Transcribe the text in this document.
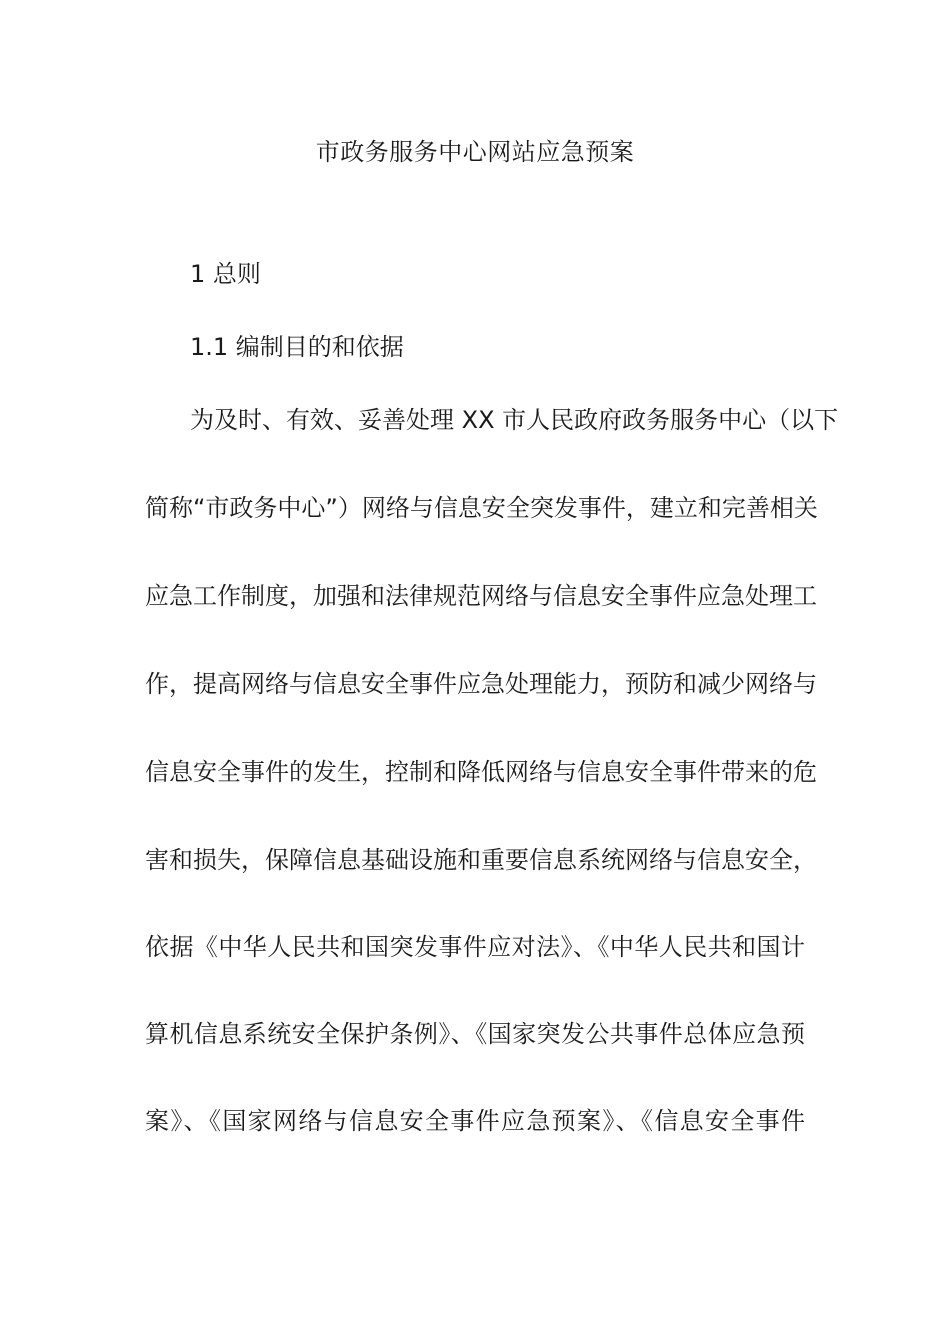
市政务服务中心网站应急预案
1 总则
1.1 编制目的和依据
为及时、有效、妥善处理 XX 市人民政府政务服务中心（以下
简称“市政务中心”）网络与信息安全突发事件，建立和完善相关
应急工作制度，加强和法律规范网络与信息安全事件应急处理工
作，提高网络与信息安全事件应急处理能力，预防和减少网络与
信息安全事件的发生，控制和降低网络与信息安全事件带来的危
害和损失，保障信息基础设施和重要信息系统网络与信息安全，
依据《中华人民共和国突发事件应对法》、《中华人民共和国计
算机信息系统安全保护条例》、《国家突发公共事件总体应急预
案》、《国家网络与信息安全事件应急预案》、《信息安全事件
